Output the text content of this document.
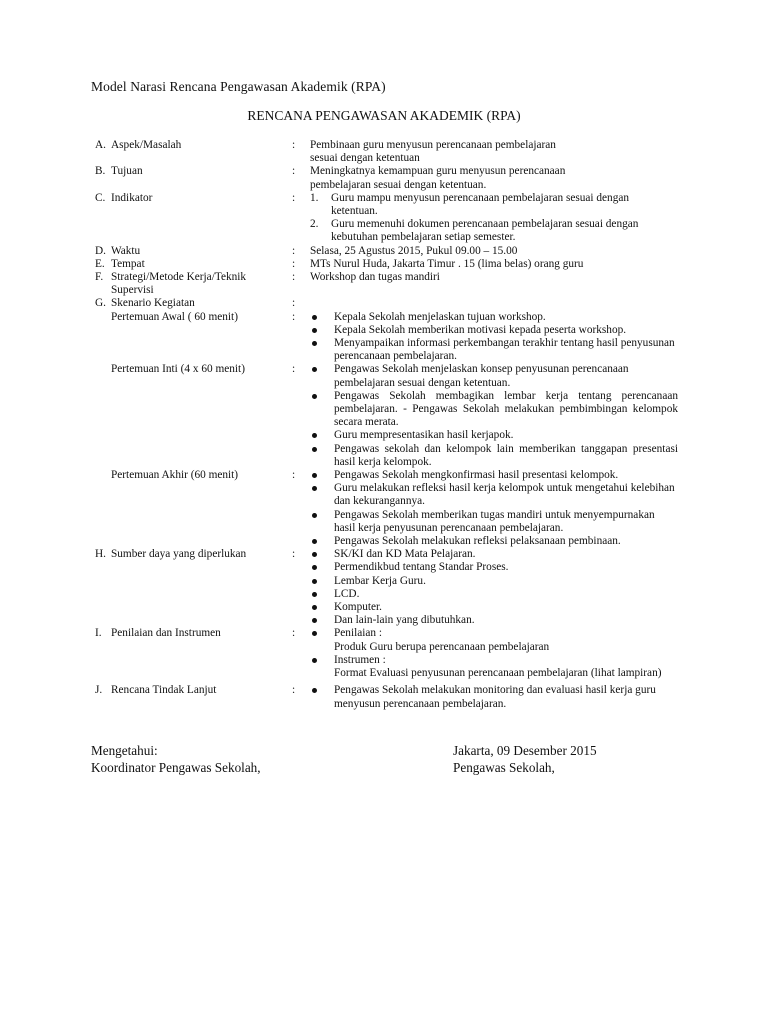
Model Narasi Rencana Pengawasan Akademik (RPA)
RENCANA PENGAWASAN AKADEMIK (RPA)
A. Aspek/Masalah	: Pembinaan guru menyusun perencanaan pembelajaran

sesuai dengan ketentuan

B. Tujuan	: Meningkatnya kemampuan guru menyusun perencanaan

pembelajaran sesuai dengan ketentuan.

C. Indikator	: 1. Guru mampu menyusun perencanaan pembelajaran sesuai dengan ketentuan.
2. Guru memenuhi dokumen perencanaan pembelajaran sesuai dengan kebutuhan pembelajaran setiap semester.
D. Waktu	: Selasa, 25 Agustus 2015, Pukul 09.00 – 15.00

E. Tempat	: MTs Nurul Huda, Jakarta Timur . 15 (lima belas) orang guru

F. Strategi/Metode Kerja/Teknik Supervisi
: Workshop dan tugas mandiri

G. Skenario Kegiatan	:
Pertemuan Awal ( 60 menit)	:	Kepala Sekolah menjelaskan tujuan workshop.
Kepala Sekolah memberikan motivasi kepada peserta workshop.
Menyampaikan informasi perkembangan terakhir tentang hasil penyusunan perencanaan pembelajaran.
Pertemuan Inti (4 x 60 menit)	:	Pengawas Sekolah menjelaskan konsep penyusunan perencanaan pembelajaran sesuai dengan ketentuan.
Pengawas Sekolah membagikan lembar kerja tentang perencanaan pembelajaran. - Pengawas Sekolah melakukan pembimbingan kelompok secara merata.
Guru mempresentasikan hasil kerjapok.
Pengawas sekolah dan kelompok lain memberikan tanggapan presentasi hasil kerja kelompok.
Pertemuan Akhir (60 menit)	:	Pengawas Sekolah mengkonfirmasi hasil presentasi kelompok.
Guru melakukan refleksi hasil kerja kelompok untuk mengetahui kelebihan dan kekurangannya.
Pengawas Sekolah memberikan tugas mandiri untuk menyempurnakan hasil kerja penyusunan perencanaan pembelajaran.
Pengawas Sekolah melakukan refleksi pelaksanaan pembinaan.
H. Sumber daya yang diperlukan	:	SK/KI dan KD Mata Pelajaran.
Permendikbud tentang Standar Proses.
Lembar Kerja Guru.
LCD.
Komputer.
Dan lain-lain yang dibutuhkan.
I. Penilaian dan Instrumen	:	Penilaian :
Produk Guru berupa perencanaan pembelajaran
Instrumen :
Format Evaluasi penyusunan perencanaan pembelajaran (lihat lampiran)
J. Rencana Tindak Lanjut	:	Pengawas Sekolah melakukan monitoring dan evaluasi hasil kerja guru menyusun perencanaan pembelajaran.
Mengetahui:
Koordinator Pengawas Sekolah,
Jakarta, 09 Desember 2015
Pengawas Sekolah,
